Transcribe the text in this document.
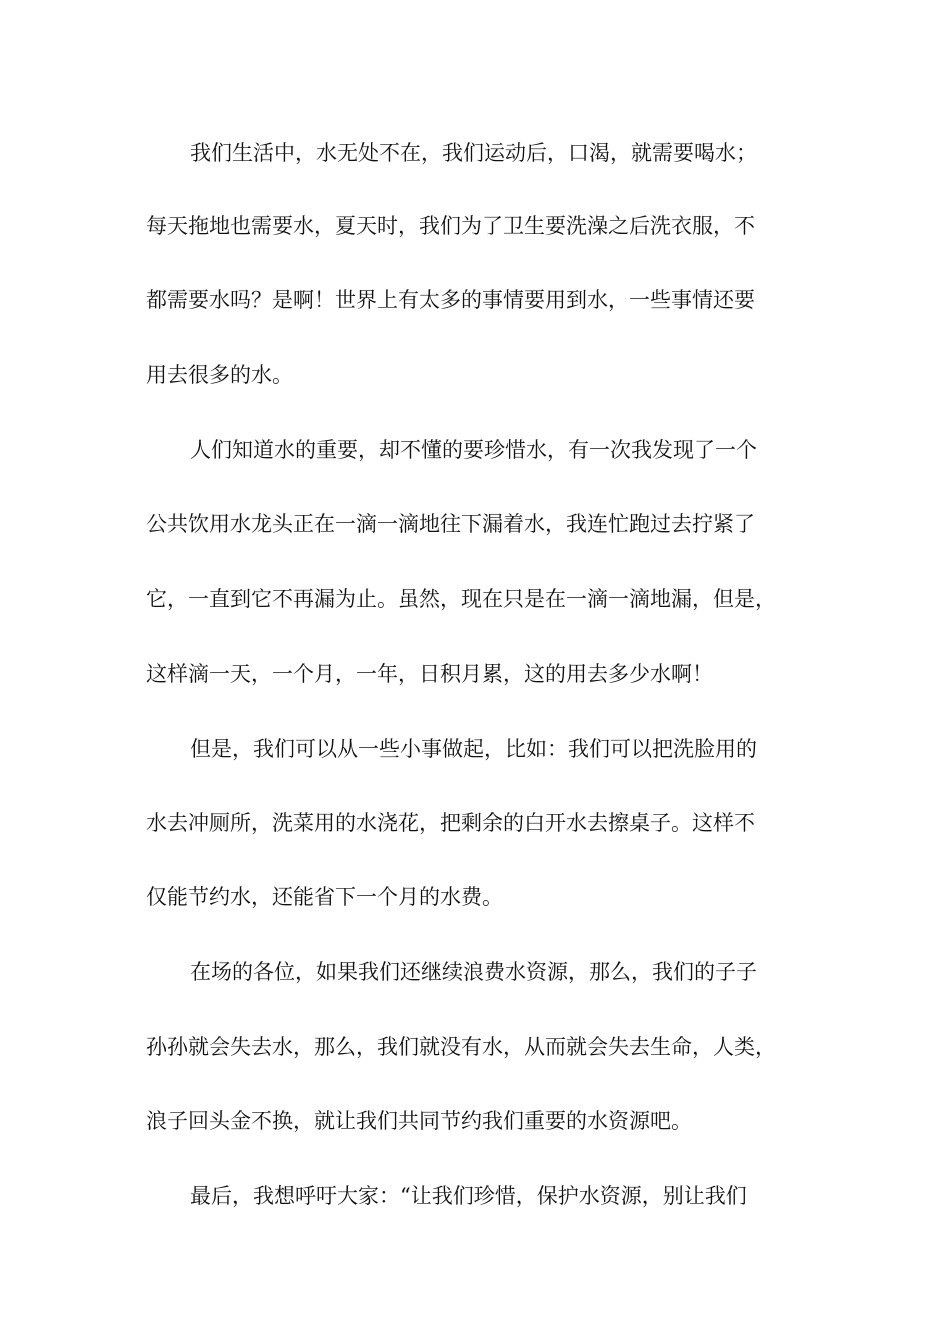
我们生活中，水无处不在，我们运动后，口渴，就需要喝水；
每天拖地也需要水，夏天时，我们为了卫生要洗澡之后洗衣服，不
都需要水吗？是啊！世界上有太多的事情要用到水，一些事情还要
用去很多的水。
人们知道水的重要，却不懂的要珍惜水，有一次我发现了一个
公共饮用水龙头正在一滴一滴地往下漏着水，我连忙跑过去拧紧了
它，一直到它不再漏为止。虽然，现在只是在一滴一滴地漏，但是，
这样滴一天，一个月，一年，日积月累，这的用去多少水啊！
但是，我们可以从一些小事做起，比如：我们可以把洗脸用的
水去冲厕所，洗菜用的水浇花，把剩余的白开水去擦桌子。这样不
仅能节约水，还能省下一个月的水费。
在场的各位，如果我们还继续浪费水资源，那么，我们的子子
孙孙就会失去水，那么，我们就没有水，从而就会失去生命，人类，
浪子回头金不换，就让我们共同节约我们重要的水资源吧。
最后，我想呼吁大家：“让我们珍惜，保护水资源，别让我们
